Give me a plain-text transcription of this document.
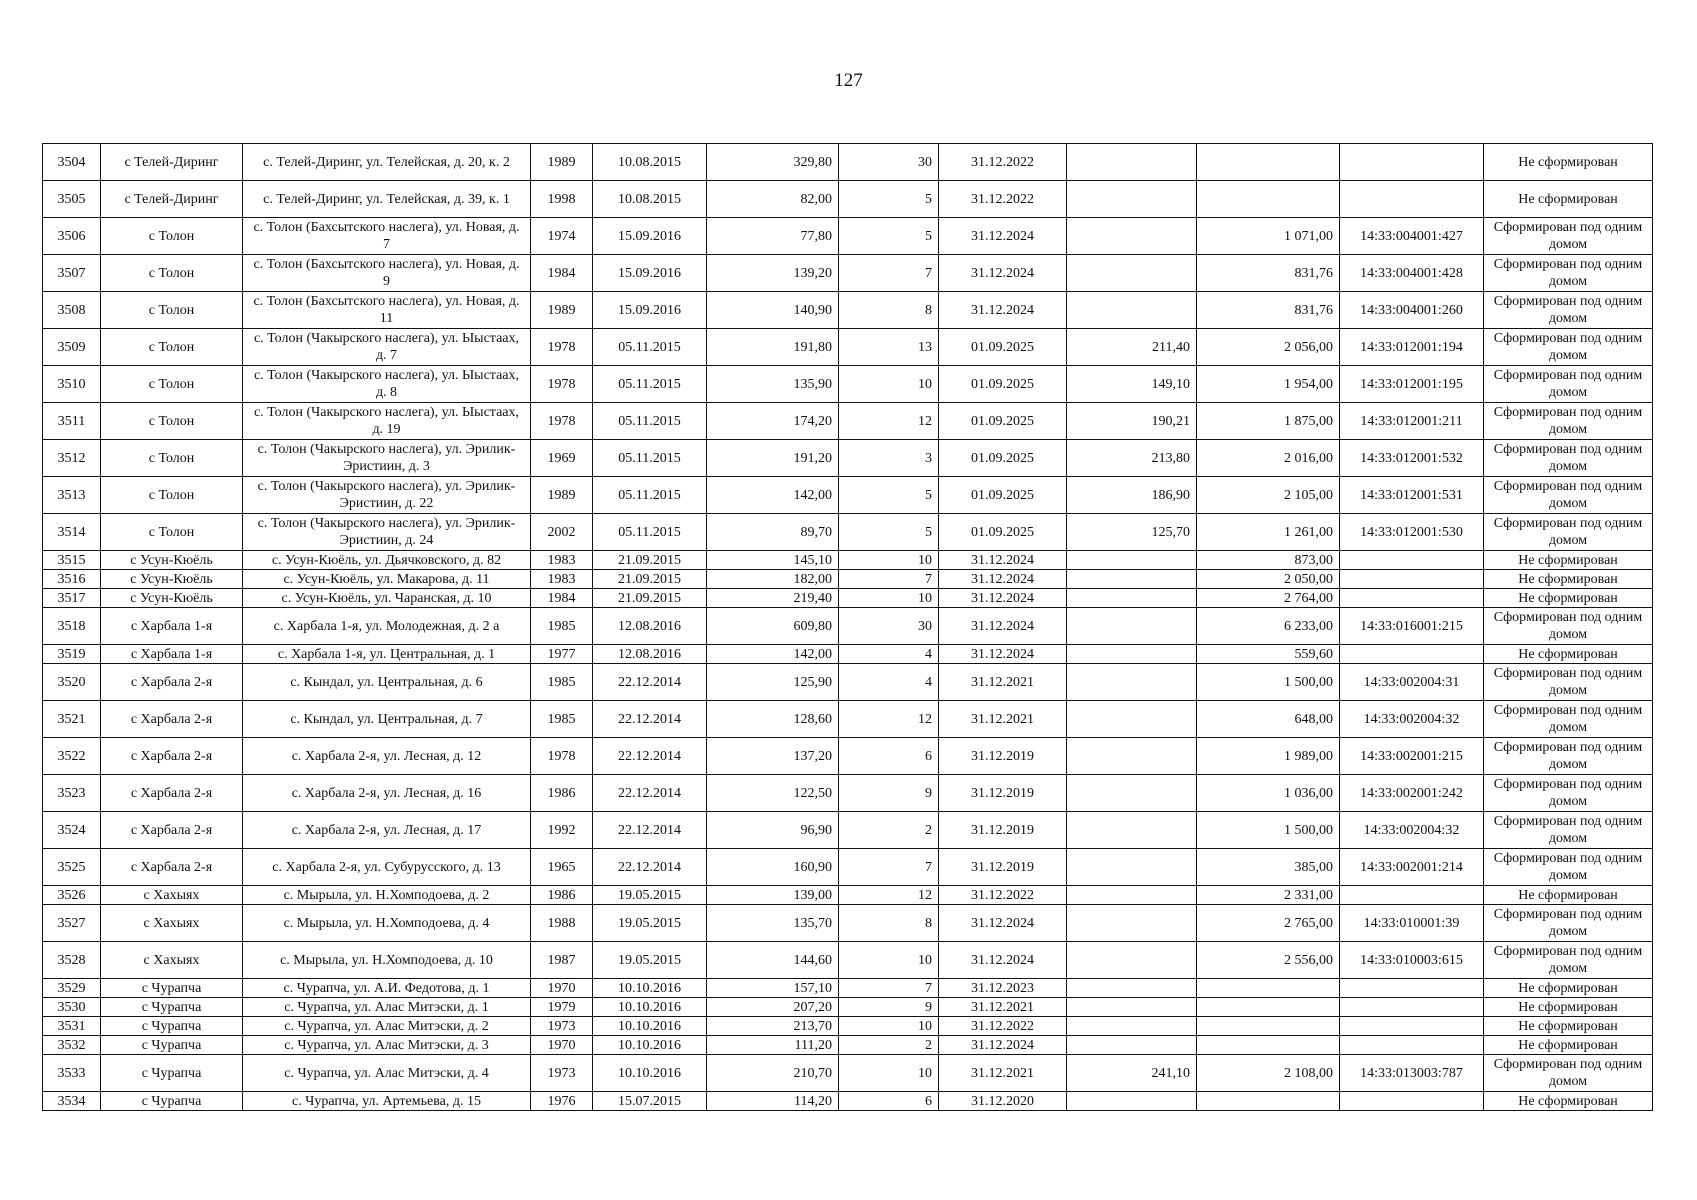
127
3504	с Телей-Диринг	с. Телей-Диринг, ул. Телейская, д. 20, к. 2	1989	10.08.2015	329,80	30	31.12.2022				Не сформирован
3505	с Телей-Диринг	с. Телей-Диринг, ул. Телейская, д. 39, к. 1	1998	10.08.2015	82,00	5	31.12.2022				Не сформирован
3506	с Толон	с. Толон (Бахсытского наслега), ул. Новая, д. 7	1974	15.09.2016	77,80	5	31.12.2024		1 071,00	14:33:004001:427	Сформирован под одним домом
3507	с Толон	с. Толон (Бахсытского наслега), ул. Новая, д. 9	1984	15.09.2016	139,20	7	31.12.2024		831,76	14:33:004001:428	Сформирован под одним домом
3508	с Толон	с. Толон (Бахсытского наслега), ул. Новая, д. 11	1989	15.09.2016	140,90	8	31.12.2024		831,76	14:33:004001:260	Сформирован под одним домом
3509	с Толон	с. Толон (Чакырского наслега), ул. Ыыстаах, д. 7	1978	05.11.2015	191,80	13	01.09.2025	211,40	2 056,00	14:33:012001:194	Сформирован под одним домом
3510	с Толон	с. Толон (Чакырского наслега), ул. Ыыстаах, д. 8	1978	05.11.2015	135,90	10	01.09.2025	149,10	1 954,00	14:33:012001:195	Сформирован под одним домом
3511	с Толон	с. Толон (Чакырского наслега), ул. Ыыстаах, д. 19	1978	05.11.2015	174,20	12	01.09.2025	190,21	1 875,00	14:33:012001:211	Сформирован под одним домом
3512	с Толон	с. Толон (Чакырского наслега), ул. Эрилик-Эристиин, д. 3	1969	05.11.2015	191,20	3	01.09.2025	213,80	2 016,00	14:33:012001:532	Сформирован под одним домом
3513	с Толон	с. Толон (Чакырского наслега), ул. Эрилик-Эристиин, д. 22	1989	05.11.2015	142,00	5	01.09.2025	186,90	2 105,00	14:33:012001:531	Сформирован под одним домом
3514	с Толон	с. Толон (Чакырского наслега), ул. Эрилик-Эристиин, д. 24	2002	05.11.2015	89,70	5	01.09.2025	125,70	1 261,00	14:33:012001:530	Сформирован под одним домом
3515	с Усун-Кюёль	с. Усун-Кюёль, ул. Дьячковского, д. 82	1983	21.09.2015	145,10	10	31.12.2024		873,00		Не сформирован
3516	с Усун-Кюёль	с. Усун-Кюёль, ул. Макарова, д. 11	1983	21.09.2015	182,00	7	31.12.2024		2 050,00		Не сформирован
3517	с Усун-Кюёль	с. Усун-Кюёль, ул. Чаранская, д. 10	1984	21.09.2015	219,40	10	31.12.2024		2 764,00		Не сформирован
3518	с Харбала 1-я	с. Харбала 1-я, ул. Молодежная, д. 2 а	1985	12.08.2016	609,80	30	31.12.2024		6 233,00	14:33:016001:215	Сформирован под одним домом
3519	с Харбала 1-я	с. Харбала 1-я, ул. Центральная, д. 1	1977	12.08.2016	142,00	4	31.12.2024		559,60		Не сформирован
3520	с Харбала 2-я	с. Кындал, ул. Центральная, д. 6	1985	22.12.2014	125,90	4	31.12.2021		1 500,00	14:33:002004:31	Сформирован под одним домом
3521	с Харбала 2-я	с. Кындал, ул. Центральная, д. 7	1985	22.12.2014	128,60	12	31.12.2021		648,00	14:33:002004:32	Сформирован под одним домом
3522	с Харбала 2-я	с. Харбала 2-я, ул. Лесная, д. 12	1978	22.12.2014	137,20	6	31.12.2019		1 989,00	14:33:002001:215	Сформирован под одним домом
3523	с Харбала 2-я	с. Харбала 2-я, ул. Лесная, д. 16	1986	22.12.2014	122,50	9	31.12.2019		1 036,00	14:33:002001:242	Сформирован под одним домом
3524	с Харбала 2-я	с. Харбала 2-я, ул. Лесная, д. 17	1992	22.12.2014	96,90	2	31.12.2019		1 500,00	14:33:002004:32	Сформирован под одним домом
3525	с Харбала 2-я	с. Харбала 2-я, ул. Субурусского, д. 13	1965	22.12.2014	160,90	7	31.12.2019		385,00	14:33:002001:214	Сформирован под одним домом
3526	с Хахыях	с. Мырыла, ул. Н.Хомподоева, д. 2	1986	19.05.2015	139,00	12	31.12.2022		2 331,00		Не сформирован
3527	с Хахыях	с. Мырыла, ул. Н.Хомподоева, д. 4	1988	19.05.2015	135,70	8	31.12.2024		2 765,00	14:33:010001:39	Сформирован под одним домом
3528	с Хахыях	с. Мырыла, ул. Н.Хомподоева, д. 10	1987	19.05.2015	144,60	10	31.12.2024		2 556,00	14:33:010003:615	Сформирован под одним домом
3529	с Чурапча	с. Чурапча, ул. А.И. Федотова, д. 1	1970	10.10.2016	157,10	7	31.12.2023				Не сформирован
3530	с Чурапча	с. Чурапча, ул. Алас Митэски, д. 1	1979	10.10.2016	207,20	9	31.12.2021				Не сформирован
3531	с Чурапча	с. Чурапча, ул. Алас Митэски, д. 2	1973	10.10.2016	213,70	10	31.12.2022				Не сформирован
3532	с Чурапча	с. Чурапча, ул. Алас Митэски, д. 3	1970	10.10.2016	111,20	2	31.12.2024				Не сформирован
3533	с Чурапча	с. Чурапча, ул. Алас Митэски, д. 4	1973	10.10.2016	210,70	10	31.12.2021	241,10	2 108,00	14:33:013003:787	Сформирован под одним домом
3534	с Чурапча	с. Чурапча, ул. Артемьева, д. 15	1976	15.07.2015	114,20	6	31.12.2020				Не сформирован
